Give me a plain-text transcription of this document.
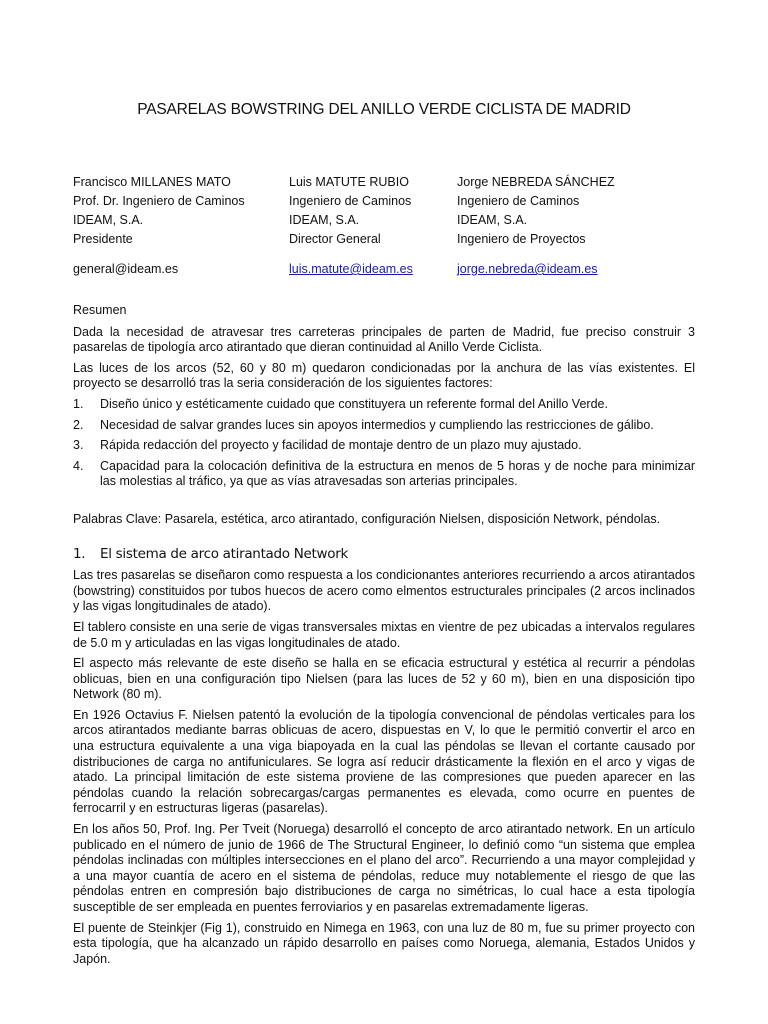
PASARELAS BOWSTRING DEL ANILLO VERDE CICLISTA DE MADRID
Francisco MILLANES MATO
Prof. Dr. Ingeniero de Caminos
IDEAM, S.A.
Presidente
general@ideam.es
Luis MATUTE RUBIO
Ingeniero de Caminos
IDEAM, S.A.
Director General
luis.matute@ideam.es
Jorge NEBREDA SÁNCHEZ
Ingeniero de Caminos
IDEAM, S.A.
Ingeniero de Proyectos
jorge.nebreda@ideam.es

Resumen

Dada la necesidad de atravesar tres carreteras principales de parten de Madrid, fue preciso construir 3 pasarelas de tipología arco atirantado que dieran continuidad al Anillo Verde Ciclista.

Las luces de los arcos (52, 60 y 80 m) quedaron condicionadas por la anchura de las vías existentes. El proyecto se desarrolló tras la seria consideración de los siguientes factores:

1. Diseño único y estéticamente cuidado que constituyera un referente formal del Anillo Verde.
2. Necesidad de salvar grandes luces sin apoyos intermedios y cumpliendo las restricciones de gálibo.
3. Rápida redacción del proyecto y facilidad de montaje dentro de un plazo muy ajustado.
4. Capacidad para la colocación definitiva de la estructura en menos de 5 horas y de noche para minimizar las molestias al tráfico, ya que as vías atravesadas son arterias principales.

Palabras Clave: Pasarela, estética, arco atirantado, configuración Nielsen, disposición Network, péndolas.

1. El sistema de arco atirantado Network

Las tres pasarelas se diseñaron como respuesta a los condicionantes anteriores recurriendo a arcos atirantados (bowstring) constituidos por tubos huecos de acero como elmentos estructurales principales (2 arcos inclinados y las vigas longitudinales de atado).

El tablero consiste en una serie de vigas transversales mixtas en vientre de pez ubicadas a intervalos regulares de 5.0 m y articuladas en las vigas longitudinales de atado.

El aspecto más relevante de este diseño se halla en se eficacia estructural y estética al recurrir a péndolas oblicuas, bien en una configuración tipo Nielsen (para las luces de 52 y 60 m), bien en una disposición tipo Network (80 m).

En 1926 Octavius F. Nielsen patentó la evolución de la tipología convencional de péndolas verticales para los arcos atirantados mediante barras oblicuas de acero, dispuestas en V, lo que le permitió convertir el arco en una estructura equivalente a una viga biapoyada en la cual las péndolas se llevan el cortante causado por distribuciones de carga no antifuniculares. Se logra así reducir drásticamente la flexión en el arco y vigas de atado. La principal limitación de este sistema proviene de las compresiones que pueden aparecer en las péndolas cuando la relación sobrecargas/cargas permanentes es elevada, como ocurre en puentes de ferrocarril y en estructuras ligeras (pasarelas).

En los años 50, Prof. Ing. Per Tveit (Noruega) desarrolló el concepto de arco atirantado network. En un artículo publicado en el número de junio de 1966 de The Structural Engineer, lo definió como “un sistema que emplea péndolas inclinadas con múltiples intersecciones en el plano del arco”. Recurriendo a una mayor complejidad y a una mayor cuantía de acero en el sistema de péndolas, reduce muy notablemente el riesgo de que las péndolas entren en compresión bajo distribuciones de carga no simétricas, lo cual hace a esta tipología susceptible de ser empleada en puentes ferroviarios y en pasarelas extremadamente ligeras.

El puente de Steinkjer (Fig 1), construido en Nimega en 1963, con una luz de 80 m, fue su primer proyecto con esta tipología, que ha alcanzado un rápido desarrollo en países como Noruega, alemania, Estados Unidos y Japón.
